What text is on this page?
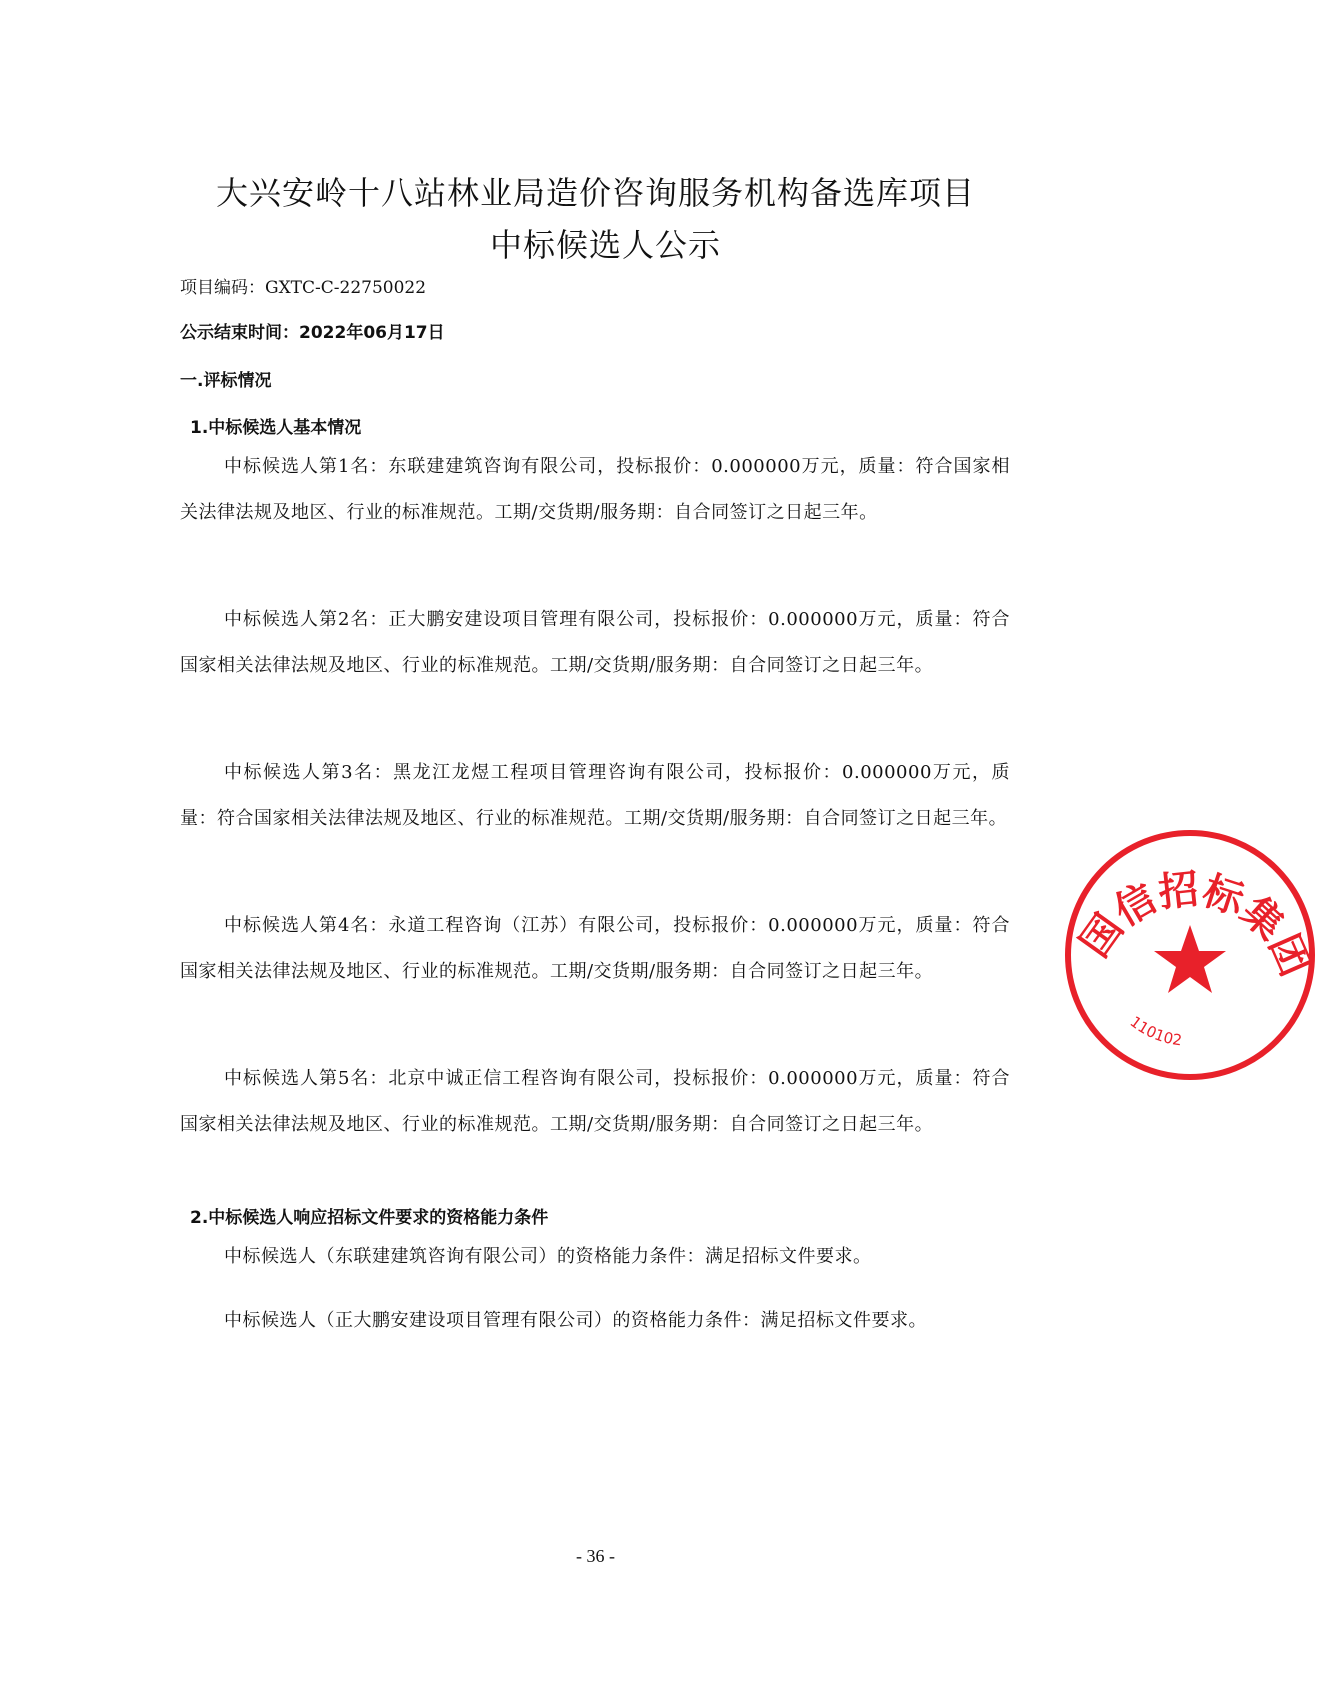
大兴安岭十八站林业局造价咨询服务机构备选库项目
中标候选人公示
项目编码：GXTC-C-22750022
公示结束时间：2022年06月17日
一.评标情况
1.中标候选人基本情况
中标候选人第1名：东联建建筑咨询有限公司，投标报价：0.000000万元，质量：符合国家相关法律法规及地区、行业的标准规范。工期/交货期/服务期：自合同签订之日起三年。
中标候选人第2名：正大鹏安建设项目管理有限公司，投标报价：0.000000万元，质量：符合国家相关法律法规及地区、行业的标准规范。工期/交货期/服务期：自合同签订之日起三年。
中标候选人第3名：黑龙江龙煜工程项目管理咨询有限公司，投标报价：0.000000万元，质量：符合国家相关法律法规及地区、行业的标准规范。工期/交货期/服务期：自合同签订之日起三年。
中标候选人第4名：永道工程咨询（江苏）有限公司，投标报价：0.000000万元，质量：符合国家相关法律法规及地区、行业的标准规范。工期/交货期/服务期：自合同签订之日起三年。
中标候选人第5名：北京中诚正信工程咨询有限公司，投标报价：0.000000万元，质量：符合国家相关法律法规及地区、行业的标准规范。工期/交货期/服务期：自合同签订之日起三年。
2.中标候选人响应招标文件要求的资格能力条件
中标候选人（东联建建筑咨询有限公司）的资格能力条件：满足招标文件要求。
中标候选人（正大鹏安建设项目管理有限公司）的资格能力条件：满足招标文件要求。
国信招标集团
110102
- 36 -
